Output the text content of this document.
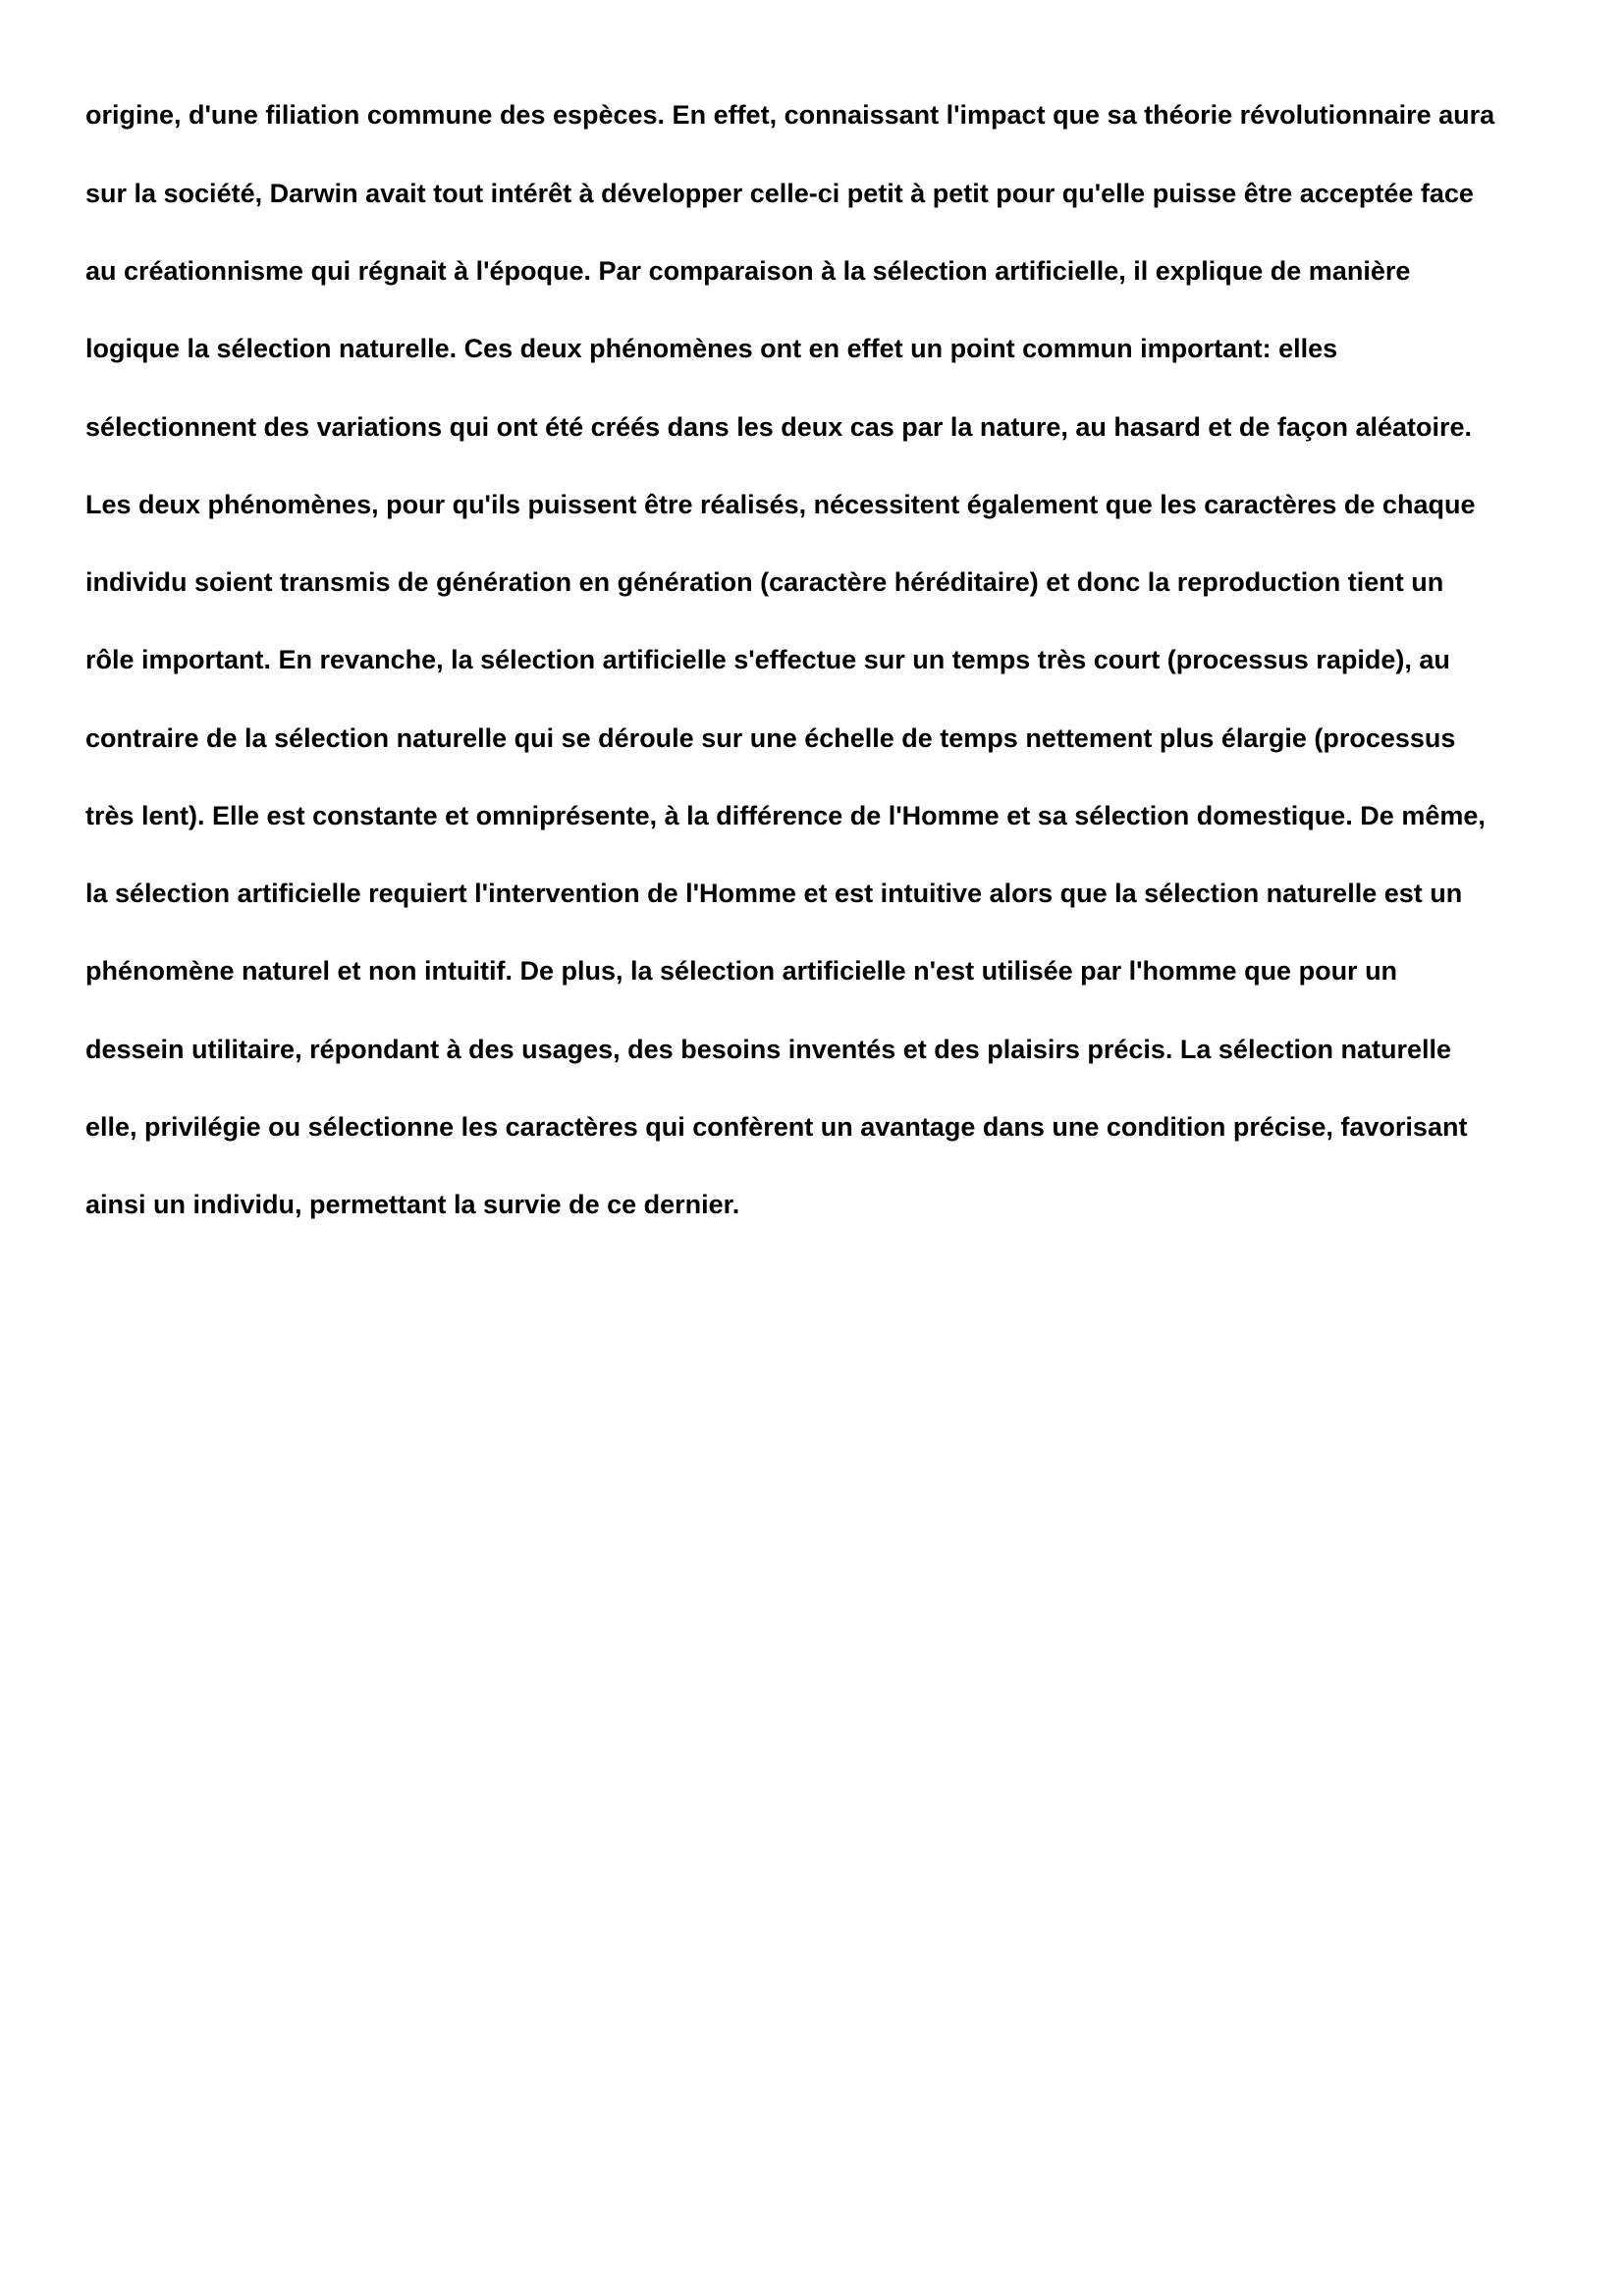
origine, d'une filiation commune des espèces. En effet, connaissant l'impact que sa théorie révolutionnaire aura
sur la société, Darwin avait tout intérêt à développer celle-ci petit à petit pour qu'elle puisse être acceptée face
au créationnisme qui régnait à l'époque. Par comparaison à la sélection artificielle, il explique de manière
logique la sélection naturelle. Ces deux phénomènes ont en effet un point commun important: elles
sélectionnent des variations qui ont été créés dans les deux cas par la nature, au hasard et de façon aléatoire.
Les deux phénomènes, pour qu'ils puissent être réalisés, nécessitent également que les caractères de chaque
individu soient transmis de génération en génération (caractère héréditaire) et donc la reproduction tient un
rôle important. En revanche, la sélection artificielle s'effectue sur un temps très court (processus rapide), au
contraire de la sélection naturelle qui se déroule sur une échelle de temps nettement plus élargie (processus
très lent). Elle est constante et omniprésente, à la différence de l'Homme et sa sélection domestique. De même,
la sélection artificielle requiert l'intervention de l'Homme et est intuitive alors que la sélection naturelle est un
phénomène naturel et non intuitif. De plus, la sélection artificielle n'est utilisée par l'homme que pour un
dessein utilitaire, répondant à des usages, des besoins inventés et des plaisirs précis. La sélection naturelle
elle, privilégie ou sélectionne les caractères qui confèrent un avantage dans une condition précise, favorisant
ainsi un individu, permettant la survie de ce dernier.
